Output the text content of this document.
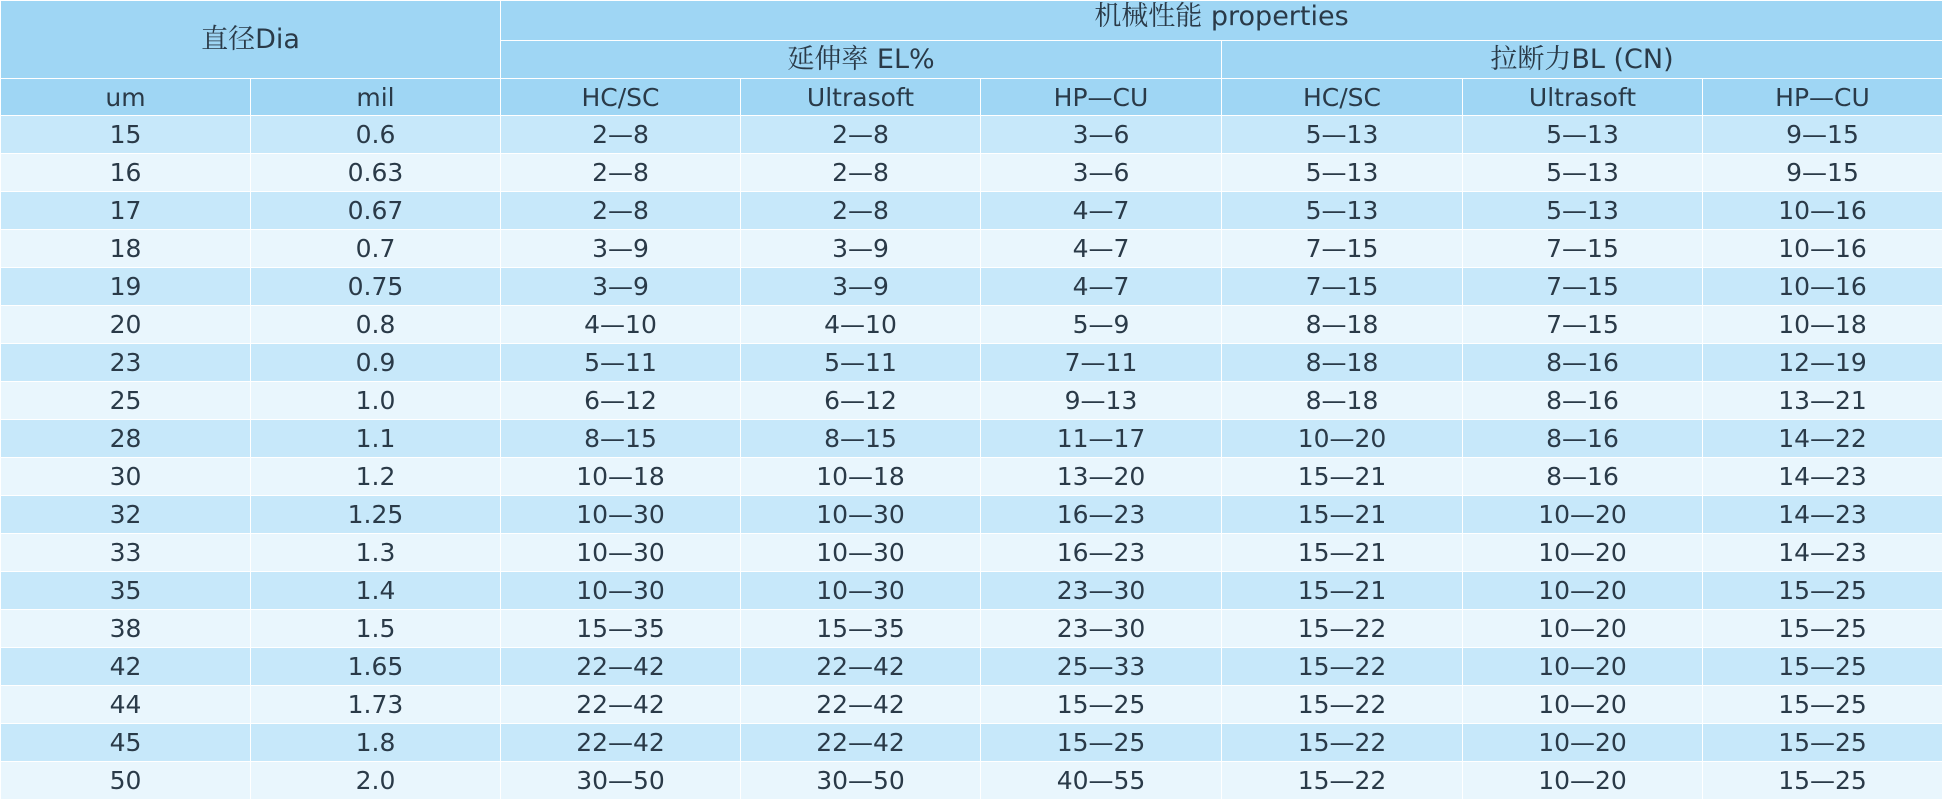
直径Dia		机械性能 properties					
		延伸率 EL%			拉断力BL (CN)		
um	mil	HC/SC	Ultrasoft	HP—CU	HC/SC	Ultrasoft	HP—CU
15	0.6	2—8	2—8	3—6	5—13	5—13	9—15
16	0.63	2—8	2—8	3—6	5—13	5—13	9—15
17	0.67	2—8	2—8	4—7	5—13	5—13	10—16
18	0.7	3—9	3—9	4—7	7—15	7—15	10—16
19	0.75	3—9	3—9	4—7	7—15	7—15	10—16
20	0.8	4—10	4—10	5—9	8—18	7—15	10—18
23	0.9	5—11	5—11	7—11	8—18	8—16	12—19
25	1.0	6—12	6—12	9—13	8—18	8—16	13—21
28	1.1	8—15	8—15	11—17	10—20	8—16	14—22
30	1.2	10—18	10—18	13—20	15—21	8—16	14—23
32	1.25	10—30	10—30	16—23	15—21	10—20	14—23
33	1.3	10—30	10—30	16—23	15—21	10—20	14—23
35	1.4	10—30	10—30	23—30	15—21	10—20	15—25
38	1.5	15—35	15—35	23—30	15—22	10—20	15—25
42	1.65	22—42	22—42	25—33	15—22	10—20	15—25
44	1.73	22—42	22—42	15—25	15—22	10—20	15—25
45	1.8	22—42	22—42	15—25	15—22	10—20	15—25
50	2.0	30—50	30—50	40—55	15—22	10—20	15—25
